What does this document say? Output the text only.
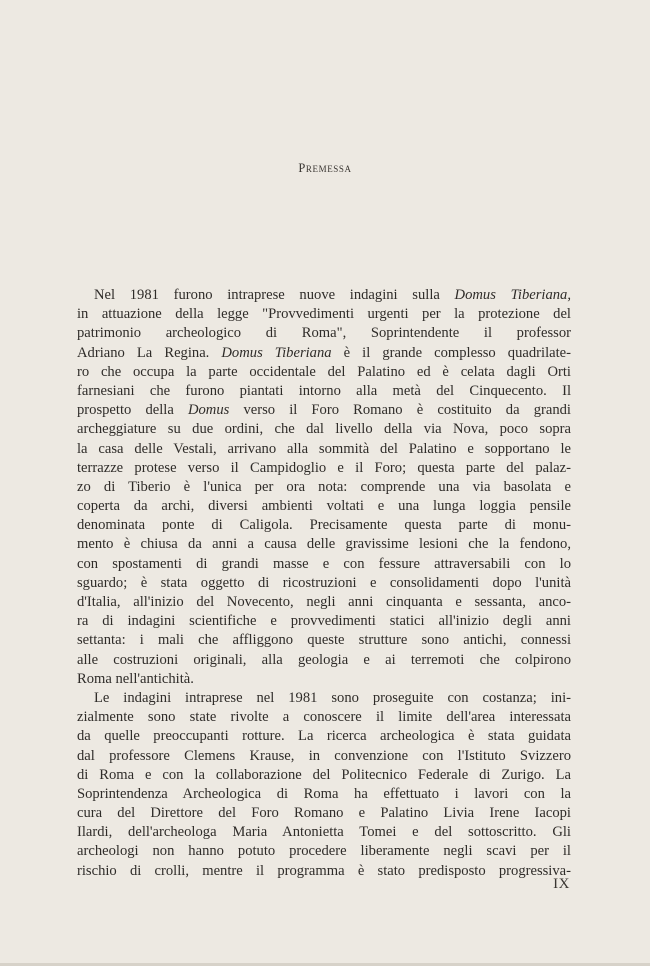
Premessa
Nel 1981 furono intraprese nuove indagini sulla Domus Tiberiana,
in attuazione della legge "Provvedimenti urgenti per la protezione del
patrimonio archeologico di Roma", Soprintendente il professor
Adriano La Regina. Domus Tiberiana è il grande complesso quadrilate-
ro che occupa la parte occidentale del Palatino ed è celata dagli Orti
farnesiani che furono piantati intorno alla metà del Cinquecento. Il
prospetto della Domus verso il Foro Romano è costituito da grandi
archeggiature su due ordini, che dal livello della via Nova, poco sopra
la casa delle Vestali, arrivano alla sommità del Palatino e sopportano le
terrazze protese verso il Campidoglio e il Foro; questa parte del palaz-
zo di Tiberio è l'unica per ora nota: comprende una via basolata e
coperta da archi, diversi ambienti voltati e una lunga loggia pensile
denominata ponte di Caligola. Precisamente questa parte di monu-
mento è chiusa da anni a causa delle gravissime lesioni che la fendono,
con spostamenti di grandi masse e con fessure attraversabili con lo
sguardo; è stata oggetto di ricostruzioni e consolidamenti dopo l'unità
d'Italia, all'inizio del Novecento, negli anni cinquanta e sessanta, anco-
ra di indagini scientifiche e provvedimenti statici all'inizio degli anni
settanta: i mali che affliggono queste strutture sono antichi, connessi
alle costruzioni originali, alla geologia e ai terremoti che colpirono
Roma nell'antichità.
Le indagini intraprese nel 1981 sono proseguite con costanza; ini-
zialmente sono state rivolte a conoscere il limite dell'area interessata
da quelle preoccupanti rotture. La ricerca archeologica è stata guidata
dal professore Clemens Krause, in convenzione con l'Istituto Svizzero
di Roma e con la collaborazione del Politecnico Federale di Zurigo. La
Soprintendenza Archeologica di Roma ha effettuato i lavori con la
cura del Direttore del Foro Romano e Palatino Livia Irene Iacopi
Ilardi, dell'archeologa Maria Antonietta Tomei e del sottoscritto. Gli
archeologi non hanno potuto procedere liberamente negli scavi per il
rischio di crolli, mentre il programma è stato predisposto progressiva-
IX
